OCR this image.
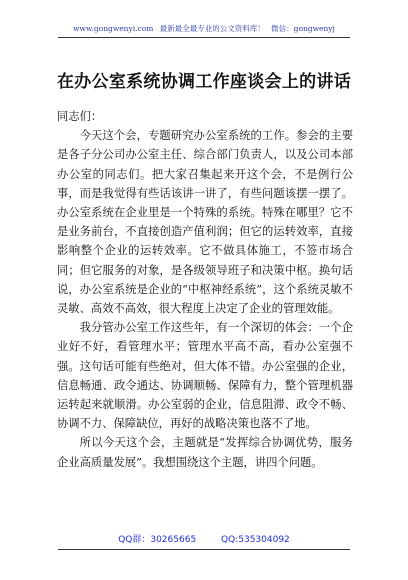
www.gongwenyi.com 最新最全最专业的公文资料库！ 微信：gongwenyj
在办公室系统协调工作座谈会上的讲话

同志们：

今天这个会，专题研究办公室系统的工作。参会的主要是各子分公司办公室主任、综合部门负责人，以及公司本部办公室的同志们。把大家召集起来开这个会，不是例行公事，而是我觉得有些话该讲一讲了，有些问题该摆一摆了。办公室系统在企业里是一个特殊的系统。特殊在哪里？它不是业务前台，不直接创造产值利润；但它的运转效率，直接影响整个企业的运转效率。它不做具体施工，不签市场合同；但它服务的对象，是各级领导班子和决策中枢。换句话说，办公室系统是企业的“中枢神经系统”，这个系统灵敏不灵敏、高效不高效，很大程度上决定了企业的管理效能。

我分管办公室工作这些年，有一个深切的体会：一个企业好不好，看管理水平；管理水平高不高，看办公室强不强。这句话可能有些绝对，但大体不错。办公室强的企业，信息畅通、政令通达、协调顺畅、保障有力，整个管理机器运转起来就顺滑。办公室弱的企业，信息阻滞、政令不畅、协调不力、保障缺位，再好的战略决策也落不了地。

所以今天这个会，主题就是“发挥综合协调优势，服务企业高质量发展”。我想围绕这个主题，讲四个问题。

QQ群：30265665	QQ:535304092
